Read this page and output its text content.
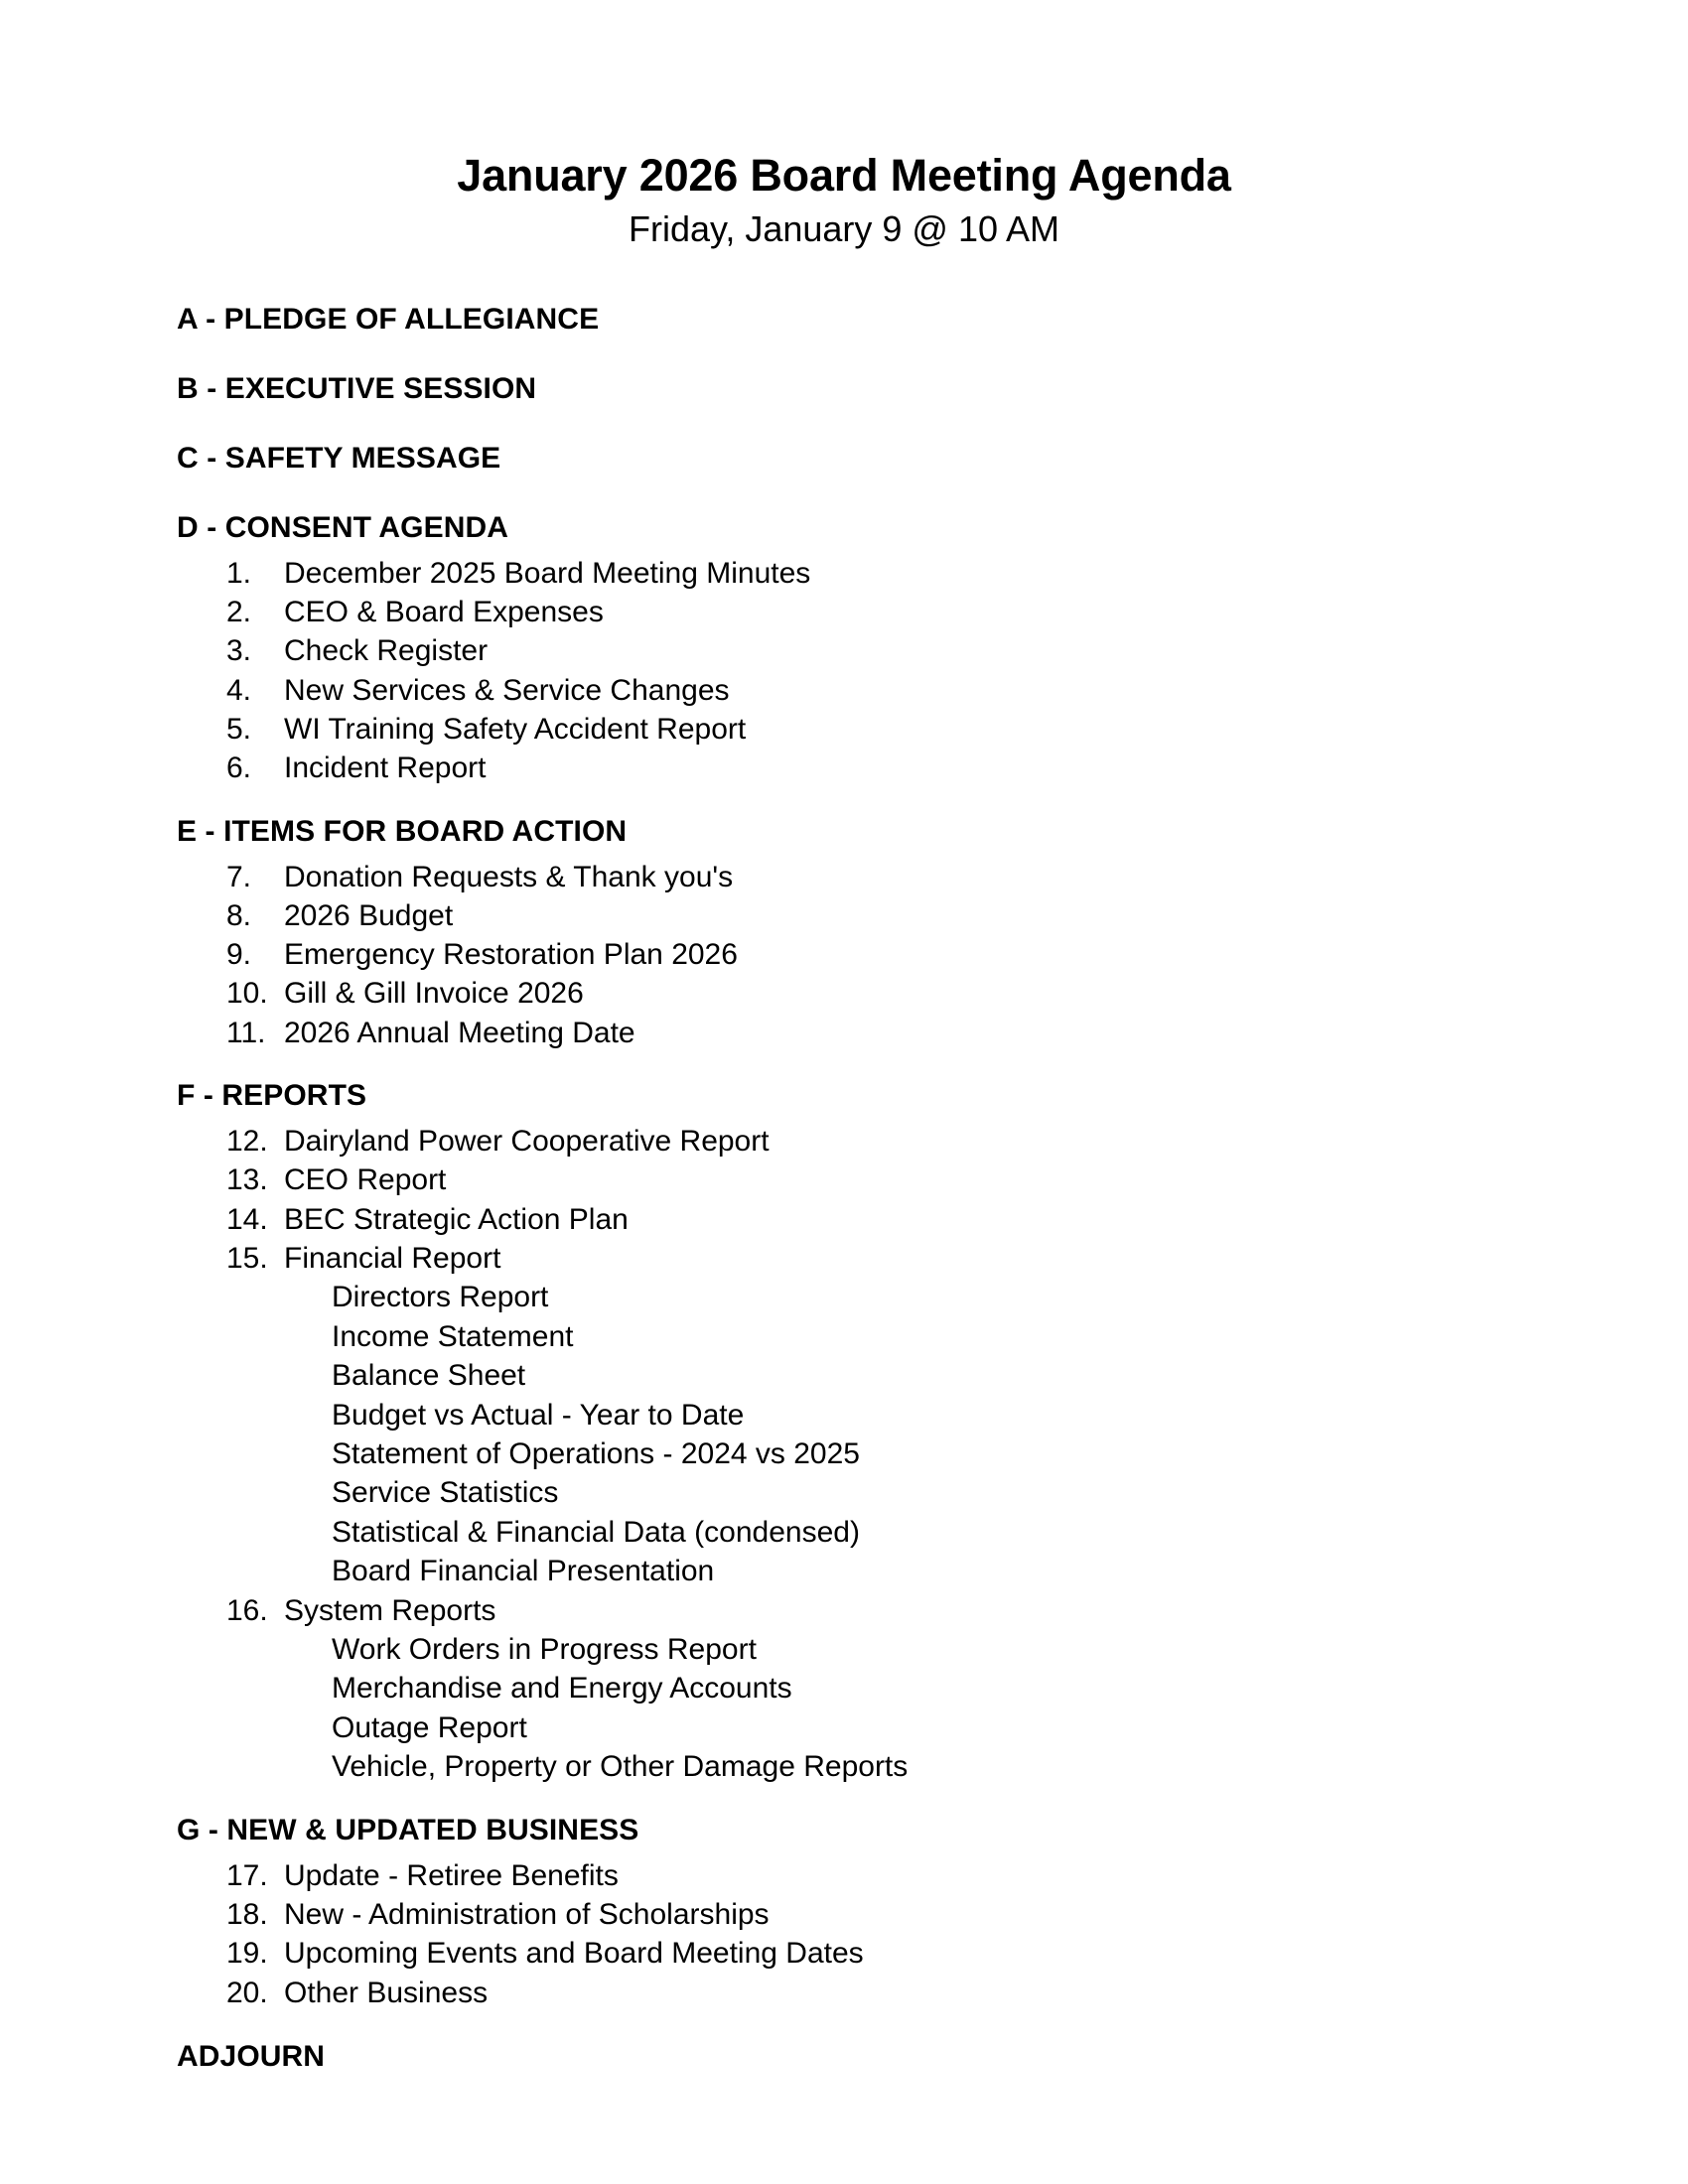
January 2026 Board Meeting Agenda
Friday, January 9 @ 10 AM
A - PLEDGE OF ALLEGIANCE
B - EXECUTIVE SESSION
C - SAFETY MESSAGE
D - CONSENT AGENDA
1.	December 2025 Board Meeting Minutes
2.	CEO & Board Expenses
3.	Check Register
4.	New Services & Service Changes
5.	WI Training Safety Accident Report
6.	Incident Report
E - ITEMS FOR BOARD ACTION
7.	Donation Requests & Thank you's
8.	2026 Budget
9.	Emergency Restoration Plan 2026
10. Gill & Gill Invoice 2026
11. 2026 Annual Meeting Date
F - REPORTS
12. Dairyland Power Cooperative Report
13. CEO Report
14. BEC Strategic Action Plan
15. Financial Report
Directors Report
Income Statement
Balance Sheet
Budget vs Actual - Year to Date
Statement of Operations - 2024 vs 2025
Service Statistics
Statistical & Financial Data (condensed)
Board Financial Presentation
16. System Reports
Work Orders in Progress Report
Merchandise and Energy Accounts
Outage Report
Vehicle, Property or Other Damage Reports
G - NEW & UPDATED BUSINESS
17. Update - Retiree Benefits
18. New - Administration of Scholarships
19. Upcoming Events and Board Meeting Dates
20. Other Business
ADJOURN
